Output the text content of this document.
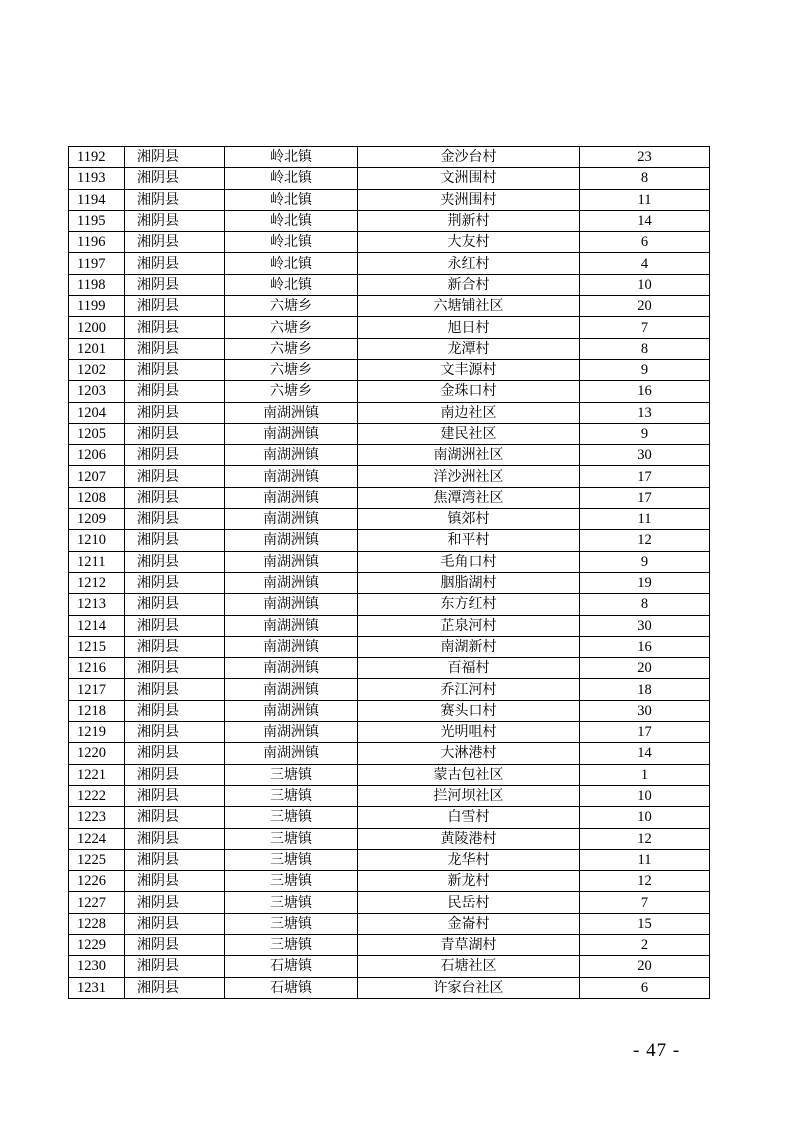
1192	湘阴县	岭北镇	金沙台村	23
1193	湘阴县	岭北镇	文洲围村	8
1194	湘阴县	岭北镇	夹洲围村	11
1195	湘阴县	岭北镇	荆新村	14
1196	湘阴县	岭北镇	大友村	6
1197	湘阴县	岭北镇	永红村	4
1198	湘阴县	岭北镇	新合村	10
1199	湘阴县	六塘乡	六塘铺社区	20
1200	湘阴县	六塘乡	旭日村	7
1201	湘阴县	六塘乡	龙潭村	8
1202	湘阴县	六塘乡	文丰源村	9
1203	湘阴县	六塘乡	金珠口村	16
1204	湘阴县	南湖洲镇	南边社区	13
1205	湘阴县	南湖洲镇	建民社区	9
1206	湘阴县	南湖洲镇	南湖洲社区	30
1207	湘阴县	南湖洲镇	洋沙洲社区	17
1208	湘阴县	南湖洲镇	焦潭湾社区	17
1209	湘阴县	南湖洲镇	镇郊村	11
1210	湘阴县	南湖洲镇	和平村	12
1211	湘阴县	南湖洲镇	毛角口村	9
1212	湘阴县	南湖洲镇	胭脂湖村	19
1213	湘阴县	南湖洲镇	东方红村	8
1214	湘阴县	南湖洲镇	芷泉河村	30
1215	湘阴县	南湖洲镇	南湖新村	16
1216	湘阴县	南湖洲镇	百福村	20
1217	湘阴县	南湖洲镇	乔江河村	18
1218	湘阴县	南湖洲镇	赛头口村	30
1219	湘阴县	南湖洲镇	光明咀村	17
1220	湘阴县	南湖洲镇	大淋港村	14
1221	湘阴县	三塘镇	蒙古包社区	1
1222	湘阴县	三塘镇	拦河坝社区	10
1223	湘阴县	三塘镇	白雪村	10
1224	湘阴县	三塘镇	黄陵港村	12
1225	湘阴县	三塘镇	龙华村	11
1226	湘阴县	三塘镇	新龙村	12
1227	湘阴县	三塘镇	民岳村	7
1228	湘阴县	三塘镇	金崙村	15
1229	湘阴县	三塘镇	青草湖村	2
1230	湘阴县	石塘镇	石塘社区	20
1231	湘阴县	石塘镇	许家台社区	6
- 47 -
